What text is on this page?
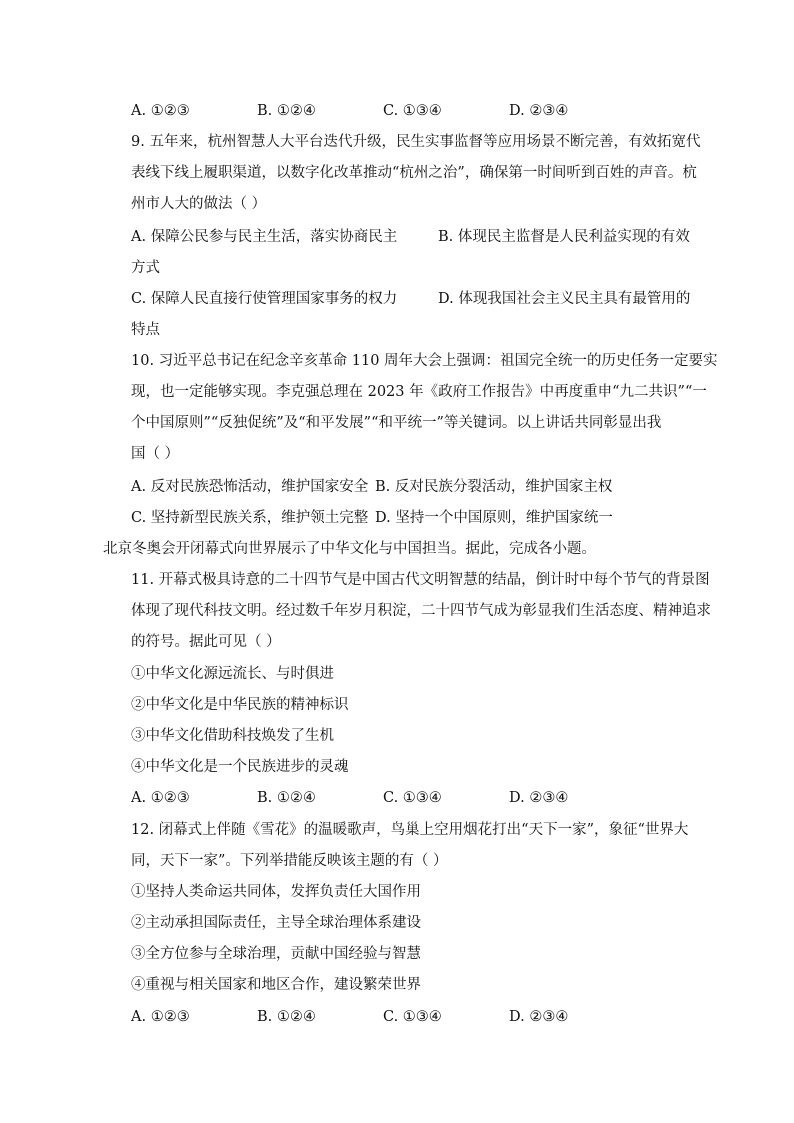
A. ①②③	B. ①②④	C. ①③④	D. ②③④
9. 五年来，杭州智慧人大平台迭代升级，民生实事监督等应用场景不断完善，有效拓宽代
表线下线上履职渠道，以数字化改革推动“杭州之治”，确保第一时间听到百姓的声音。杭
州市人大的做法（ ）
A. 保障公民参与民主生活，落实协商民主	B. 体现民主监督是人民利益实现的有效
方式
C. 保障人民直接行使管理国家事务的权力	D. 体现我国社会主义民主具有最管用的
特点
10. 习近平总书记在纪念辛亥革命 110 周年大会上强调：祖国完全统一的历史任务一定要实
现，也一定能够实现。李克强总理在 2023 年《政府工作报告》中再度重申“九二共识”“一
个中国原则”“反独促统”及“和平发展”“和平统一”等关键词。以上讲话共同彰显出我
国（ ）
A. 反对民族恐怖活动，维护国家安全 B. 反对民族分裂活动，维护国家主权
C. 坚持新型民族关系，维护领土完整 D. 坚持一个中国原则，维护国家统一
北京冬奥会开闭幕式向世界展示了中华文化与中国担当。据此，完成各小题。
11. 开幕式极具诗意的二十四节气是中国古代文明智慧的结晶，倒计时中每个节气的背景图
体现了现代科技文明。经过数千年岁月积淀，二十四节气成为彰显我们生活态度、精神追求
的符号。据此可见（ ）
①中华文化源远流长、与时俱进
②中华文化是中华民族的精神标识
③中华文化借助科技焕发了生机
④中华文化是一个民族进步的灵魂
A. ①②③	B. ①②④	C. ①③④	D. ②③④
12. 闭幕式上伴随《雪花》的温暖歌声，鸟巢上空用烟花打出“天下一家”，象征“世界大
同，天下一家”。下列举措能反映该主题的有（ ）
①坚持人类命运共同体，发挥负责任大国作用
②主动承担国际责任，主导全球治理体系建设
③全方位参与全球治理，贡献中国经验与智慧
④重视与相关国家和地区合作，建设繁荣世界
A. ①②③	B. ①②④	C. ①③④	D. ②③④
